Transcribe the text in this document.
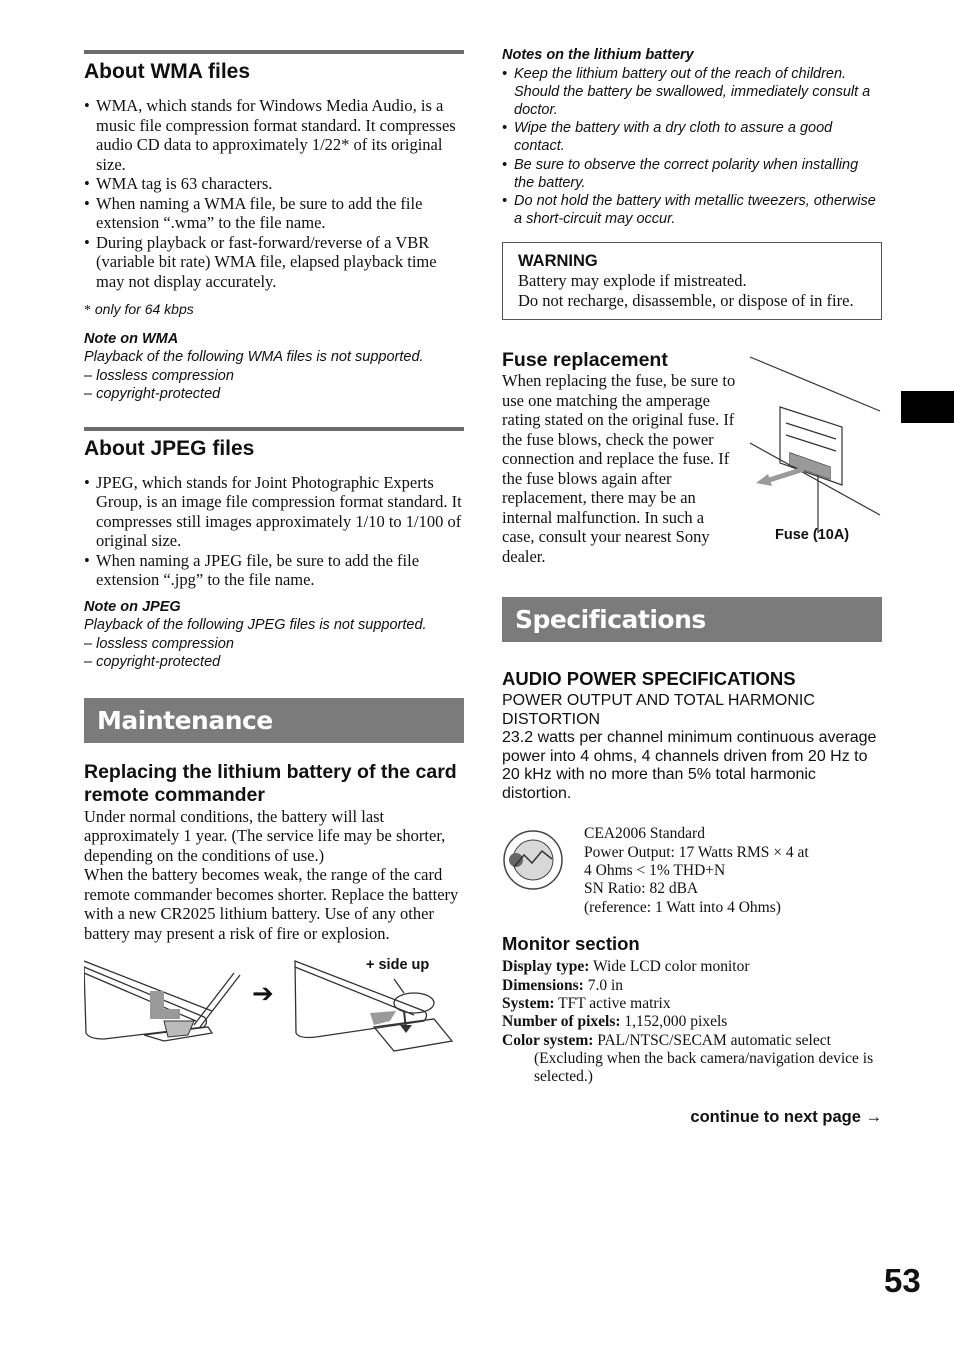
About WMA files
• WMA, which stands for Windows Media Audio, is a music file compression format standard. It compresses audio CD data to approximately 1/22* of its original size.
• WMA tag is 63 characters.
• When naming a WMA file, be sure to add the file extension “.wma” to the file name.
• During playback or fast-forward/reverse of a VBR (variable bit rate) WMA file, elapsed playback time may not display accurately.
* only for 64 kbps
Note on WMA
Playback of the following WMA files is not supported.
– lossless compression
– copyright-protected
About JPEG files
• JPEG, which stands for Joint Photographic Experts Group, is an image file compression format standard. It compresses still images approximately 1/10 to 1/100 of original size.
• When naming a JPEG file, be sure to add the file extension “.jpg” to the file name.
Note on JPEG
Playback of the following JPEG files is not supported.
– lossless compression
– copyright-protected
Maintenance
Replacing the lithium battery of the card remote commander

Under normal conditions, the battery will last approximately 1 year. (The service life may be shorter, depending on the conditions of use.)

When the battery becomes weak, the range of the card remote commander becomes shorter. Replace the battery with a new CR2025 lithium battery. Use of any other battery may present a risk of fire or explosion.

+ side up
➔
Notes on the lithium battery
• Keep the lithium battery out of the reach of children. Should the battery be swallowed, immediately consult a doctor.
• Wipe the battery with a dry cloth to assure a good contact.
• Be sure to observe the correct polarity when installing the battery.
• Do not hold the battery with metallic tweezers, otherwise a short-circuit may occur.
WARNING
Battery may explode if mistreated.
Do not recharge, disassemble, or dispose of in fire.
Fuse replacement

When replacing the fuse, be sure to use one matching the amperage rating stated on the original fuse. If the fuse blows, check the power connection and replace the fuse. If the fuse blows again after replacement, there may be an internal malfunction. In such a case, consult your nearest Sony dealer.

Fuse (10A)
Specifications
AUDIO POWER SPECIFICATIONS
POWER OUTPUT AND TOTAL HARMONIC DISTORTION
23.2 watts per channel minimum continuous average power into 4 ohms, 4 channels driven from 20 Hz to 20 kHz with no more than 5% total harmonic distortion.
CEA2006 Standard
Power Output: 17 Watts RMS × 4 at
4 Ohms < 1% THD+N
SN Ratio: 82 dBA
(reference: 1 Watt into 4 Ohms)
Monitor section
Display type: Wide LCD color monitor
Dimensions: 7.0 in
System: TFT active matrix
Number of pixels: 1,152,000 pixels
Color system: PAL/NTSC/SECAM automatic select
(Excluding when the back camera/navigation device is selected.)
continue to next page →
53
